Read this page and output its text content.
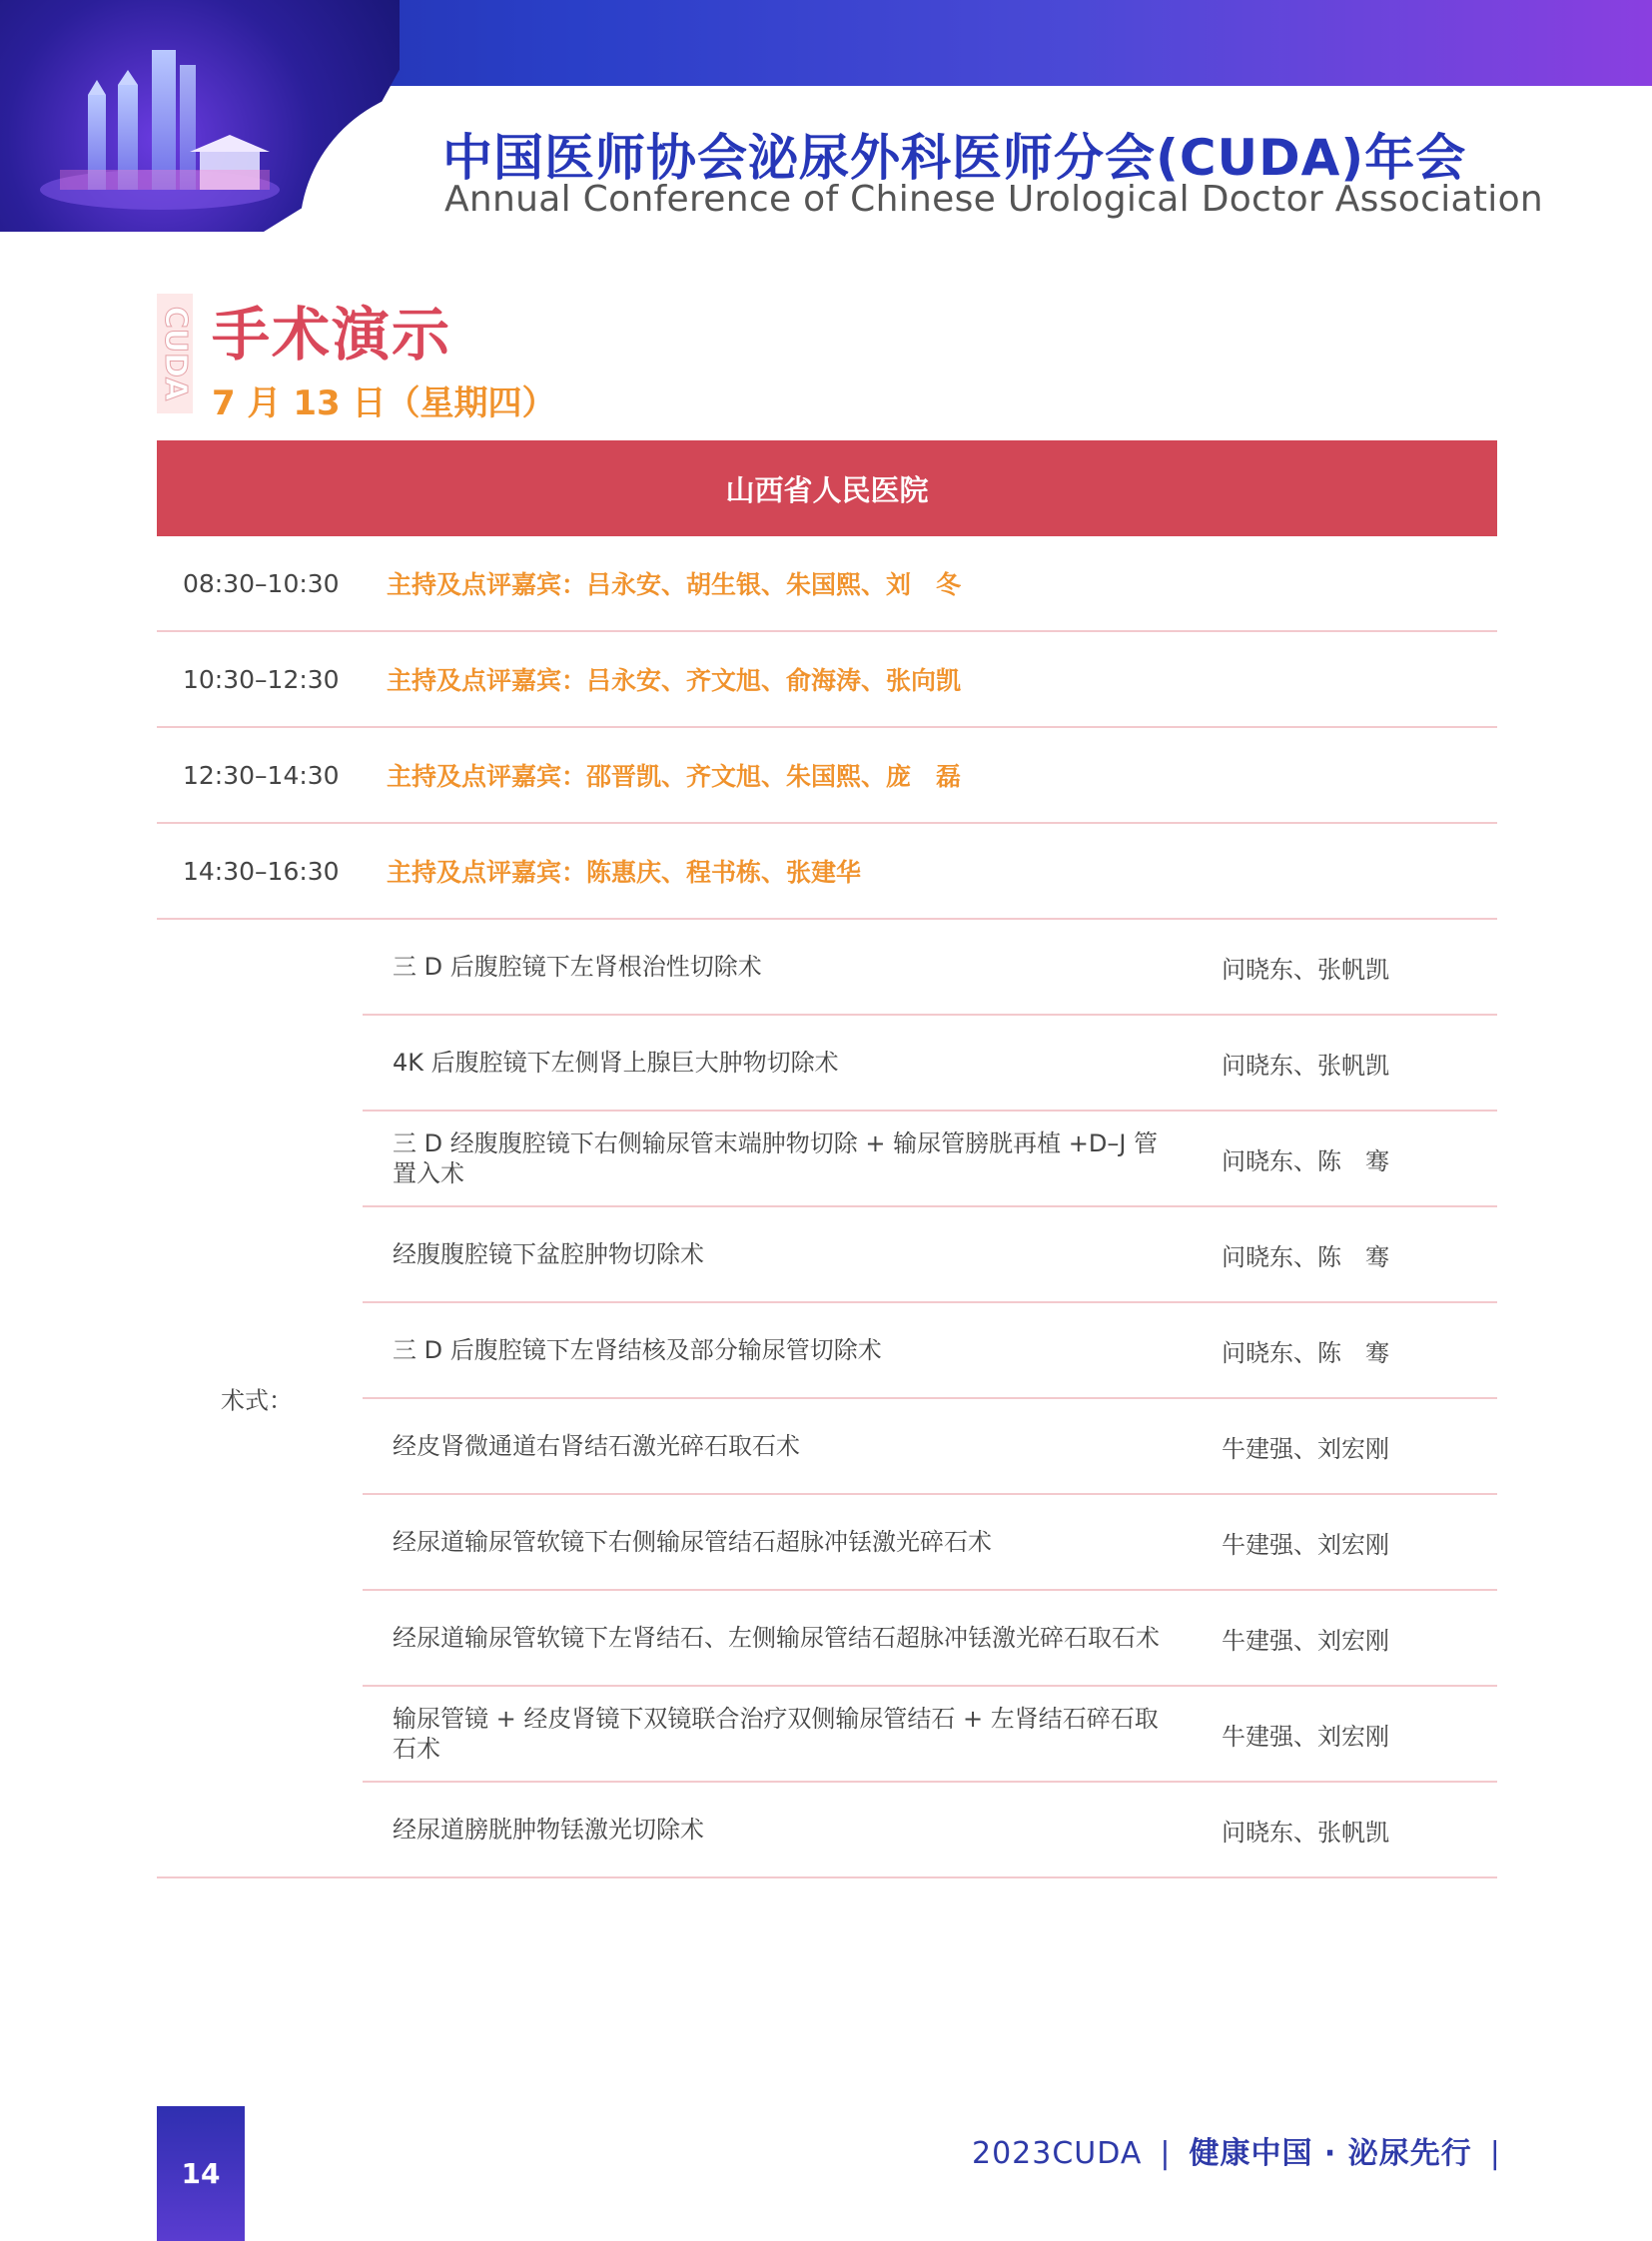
中国医师协会泌尿外科医师分会(CUDA)年会
Annual Conference of Chinese Urological Doctor Association
CUDA 手术演示
7 月 13 日（星期四）
山西省人民医院
08:30–10:30	主持及点评嘉宾：吕永安、胡生银、朱国熙、刘　冬
10:30–12:30	主持及点评嘉宾：吕永安、齐文旭、俞海涛、张向凯
12:30–14:30	主持及点评嘉宾：邵晋凯、齐文旭、朱国熙、庞　磊
14:30–16:30	主持及点评嘉宾：陈惠庆、程书栋、张建华
术式：
三 D 后腹腔镜下左肾根治性切除术	问晓东、张帆凯
4K 后腹腔镜下左侧肾上腺巨大肿物切除术	问晓东、张帆凯
三 D 经腹腹腔镜下右侧输尿管末端肿物切除 + 输尿管膀胱再植 +D–J 管置入术	问晓东、陈　骞
经腹腹腔镜下盆腔肿物切除术	问晓东、陈　骞
三 D 后腹腔镜下左肾结核及部分输尿管切除术	问晓东、陈　骞
经皮肾微通道右肾结石激光碎石取石术	牛建强、刘宏刚
经尿道输尿管软镜下右侧输尿管结石超脉冲铥激光碎石术	牛建强、刘宏刚
经尿道输尿管软镜下左肾结石、左侧输尿管结石超脉冲铥激光碎石取石术	牛建强、刘宏刚
输尿管镜 + 经皮肾镜下双镜联合治疗双侧输尿管结石 + 左肾结石碎石取石术	牛建强、刘宏刚
经尿道膀胱肿物铥激光切除术	问晓东、张帆凯
14
2023CUDA | 健康中国 · 泌尿先行 |
